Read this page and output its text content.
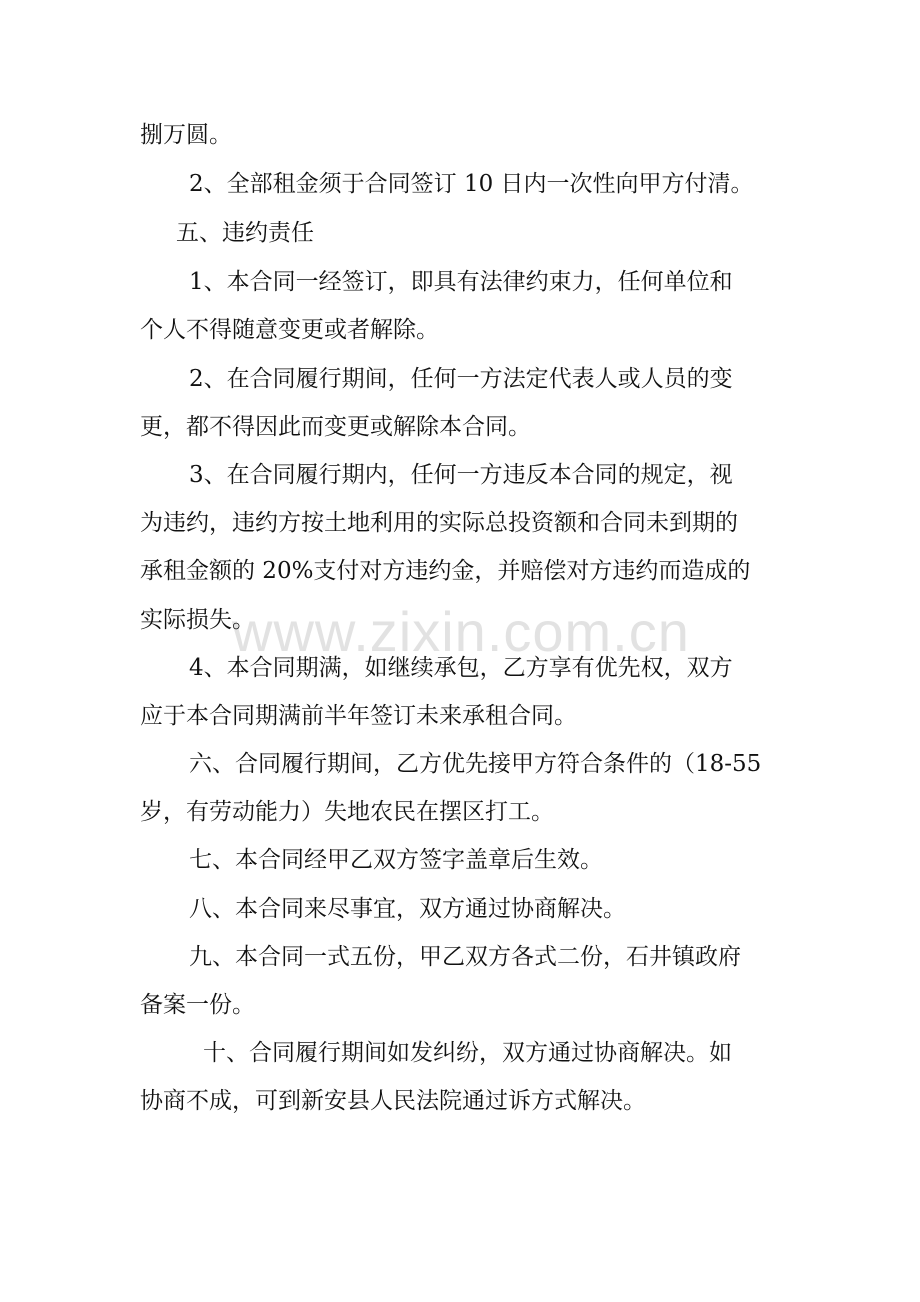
www.zixin.com.cn
捌万圆。
2、全部租金须于合同签订 10 日内一次性向甲方付清。
五、违约责任
1、本合同一经签订，即具有法律约束力，任何单位和
个人不得随意变更或者解除。
2、在合同履行期间，任何一方法定代表人或人员的变
更，都不得因此而变更或解除本合同。
3、在合同履行期内，任何一方违反本合同的规定，视
为违约，违约方按土地利用的实际总投资额和合同未到期的
承租金额的 20%支付对方违约金，并赔偿对方违约而造成的
实际损失。
4、本合同期满，如继续承包，乙方享有优先权，双方
应于本合同期满前半年签订未来承租合同。
六、合同履行期间，乙方优先接甲方符合条件的（18-55
岁，有劳动能力）失地农民在摆区打工。
七、本合同经甲乙双方签字盖章后生效。
八、本合同来尽事宜，双方通过协商解决。
九、本合同一式五份，甲乙双方各式二份，石井镇政府
备案一份。
十、合同履行期间如发纠纷，双方通过协商解决。如
协商不成，可到新安县人民法院通过诉方式解决。
